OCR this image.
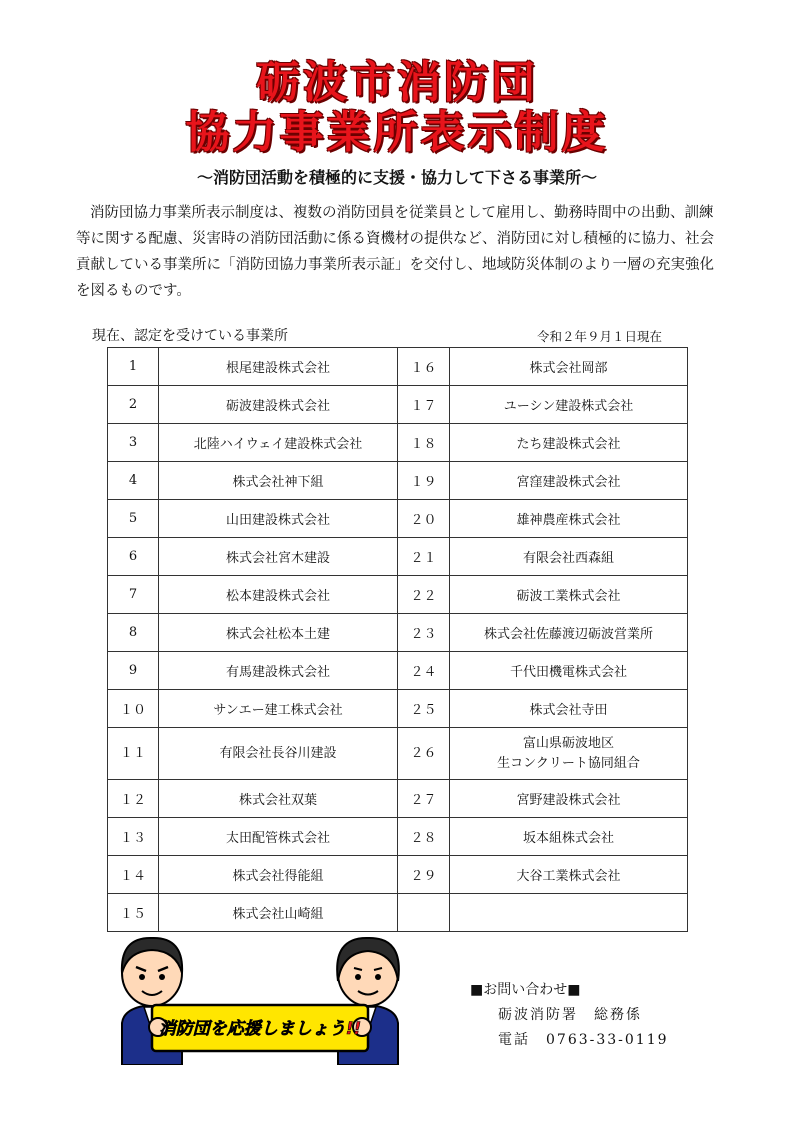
砺波市消防団
協力事業所表示制度
～消防団活動を積極的に支援・協力して下さる事業所～
消防団協力事業所表示制度は、複数の消防団員を従業員として雇用し、勤務時間中の出動、訓練等に関する配慮、災害時の消防団活動に係る資機材の提供など、消防団に対し積極的に協力、社会貢献している事業所に「消防団協力事業所表示証」を交付し、地域防災体制のより一層の充実強化を図るものです。
現在、認定を受けている事業所	令和２年９月１日現在
1	根尾建設株式会社	１６	株式会社岡部
2	砺波建設株式会社	１７	ユーシン建設株式会社
3	北陸ハイウェイ建設株式会社	１８	たち建設株式会社
4	株式会社神下組	１９	宮窪建設株式会社
5	山田建設株式会社	２０	雄神農産株式会社
6	株式会社宮木建設	２１	有限会社西森組
7	松本建設株式会社	２２	砺波工業株式会社
8	株式会社松本土建	２３	株式会社佐藤渡辺砺波営業所
9	有馬建設株式会社	２４	千代田機電株式会社
１０	サンエー建工株式会社	２５	株式会社寺田
１１	有限会社長谷川建設	２６	富山県砺波地区
生コンクリート協同組合

１２	株式会社双葉	２７	宮野建設株式会社
１３	太田配管株式会社	２８	坂本組株式会社
１４	株式会社得能組	２９	大谷工業株式会社
１５	株式会社山崎組		
消防団を応援しましょう!!
■お問い合わせ■
砺波消防署　総務係
電話　0763-33-0119
